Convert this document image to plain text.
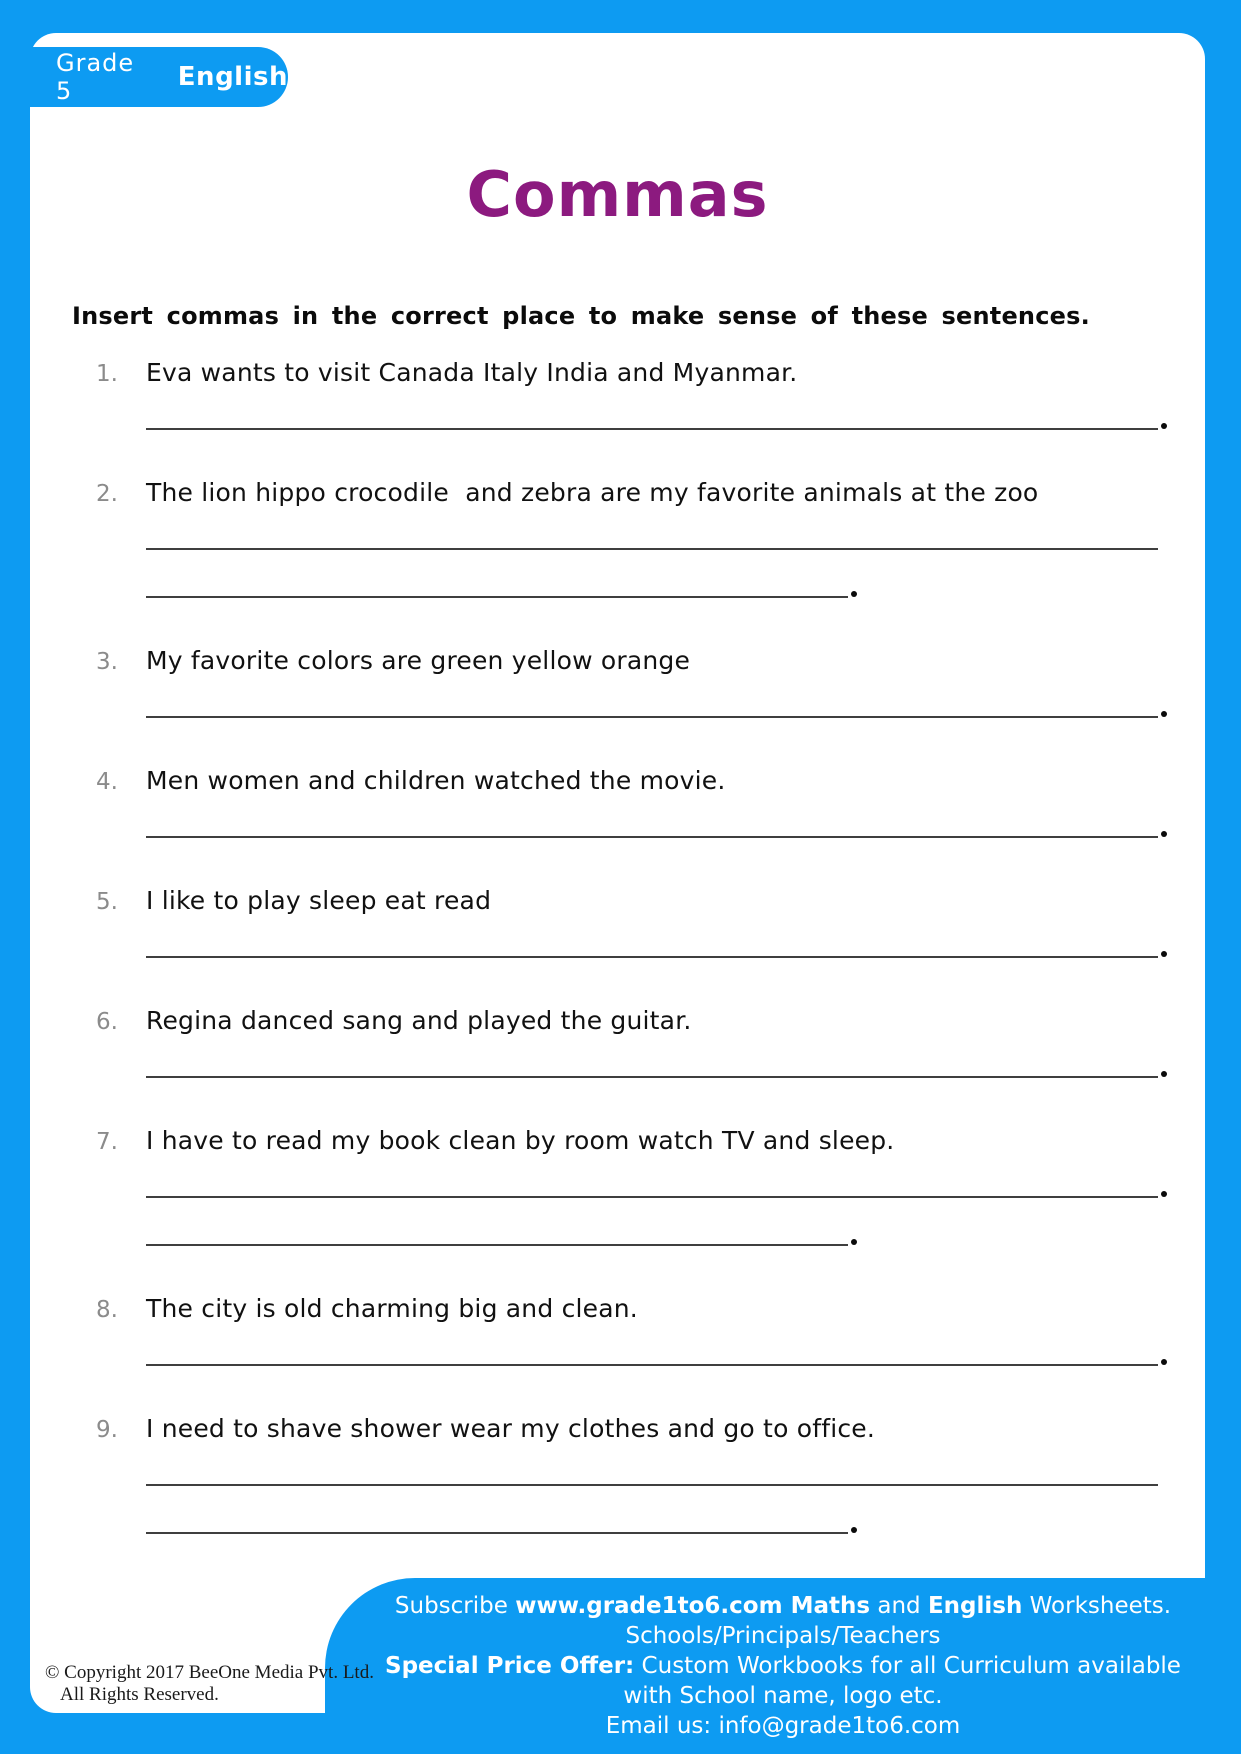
Grade 5	English
Commas
Insert commas in the correct place to make sense of these sentences.
1. Eva wants to visit Canada Italy India and Myanmar.
2. The lion hippo crocodile  and zebra are my favorite animals at the zoo
3. My favorite colors are green yellow orange
4. Men women and children watched the movie.
5. I like to play sleep eat read
6. Regina danced sang and played the guitar.
7. I have to read my book clean by room watch TV and sleep.
8. The city is old charming big and clean.
9. I need to shave shower wear my clothes and go to office.
Subscribe www.grade1to6.com Maths and English Worksheets.
Schools/Principals/Teachers
Special Price Offer: Custom Workbooks for all Curriculum available
with School name, logo etc.
Email us: info@grade1to6.com
© Copyright 2017 BeeOne Media Pvt. Ltd.
All Rights Reserved.
